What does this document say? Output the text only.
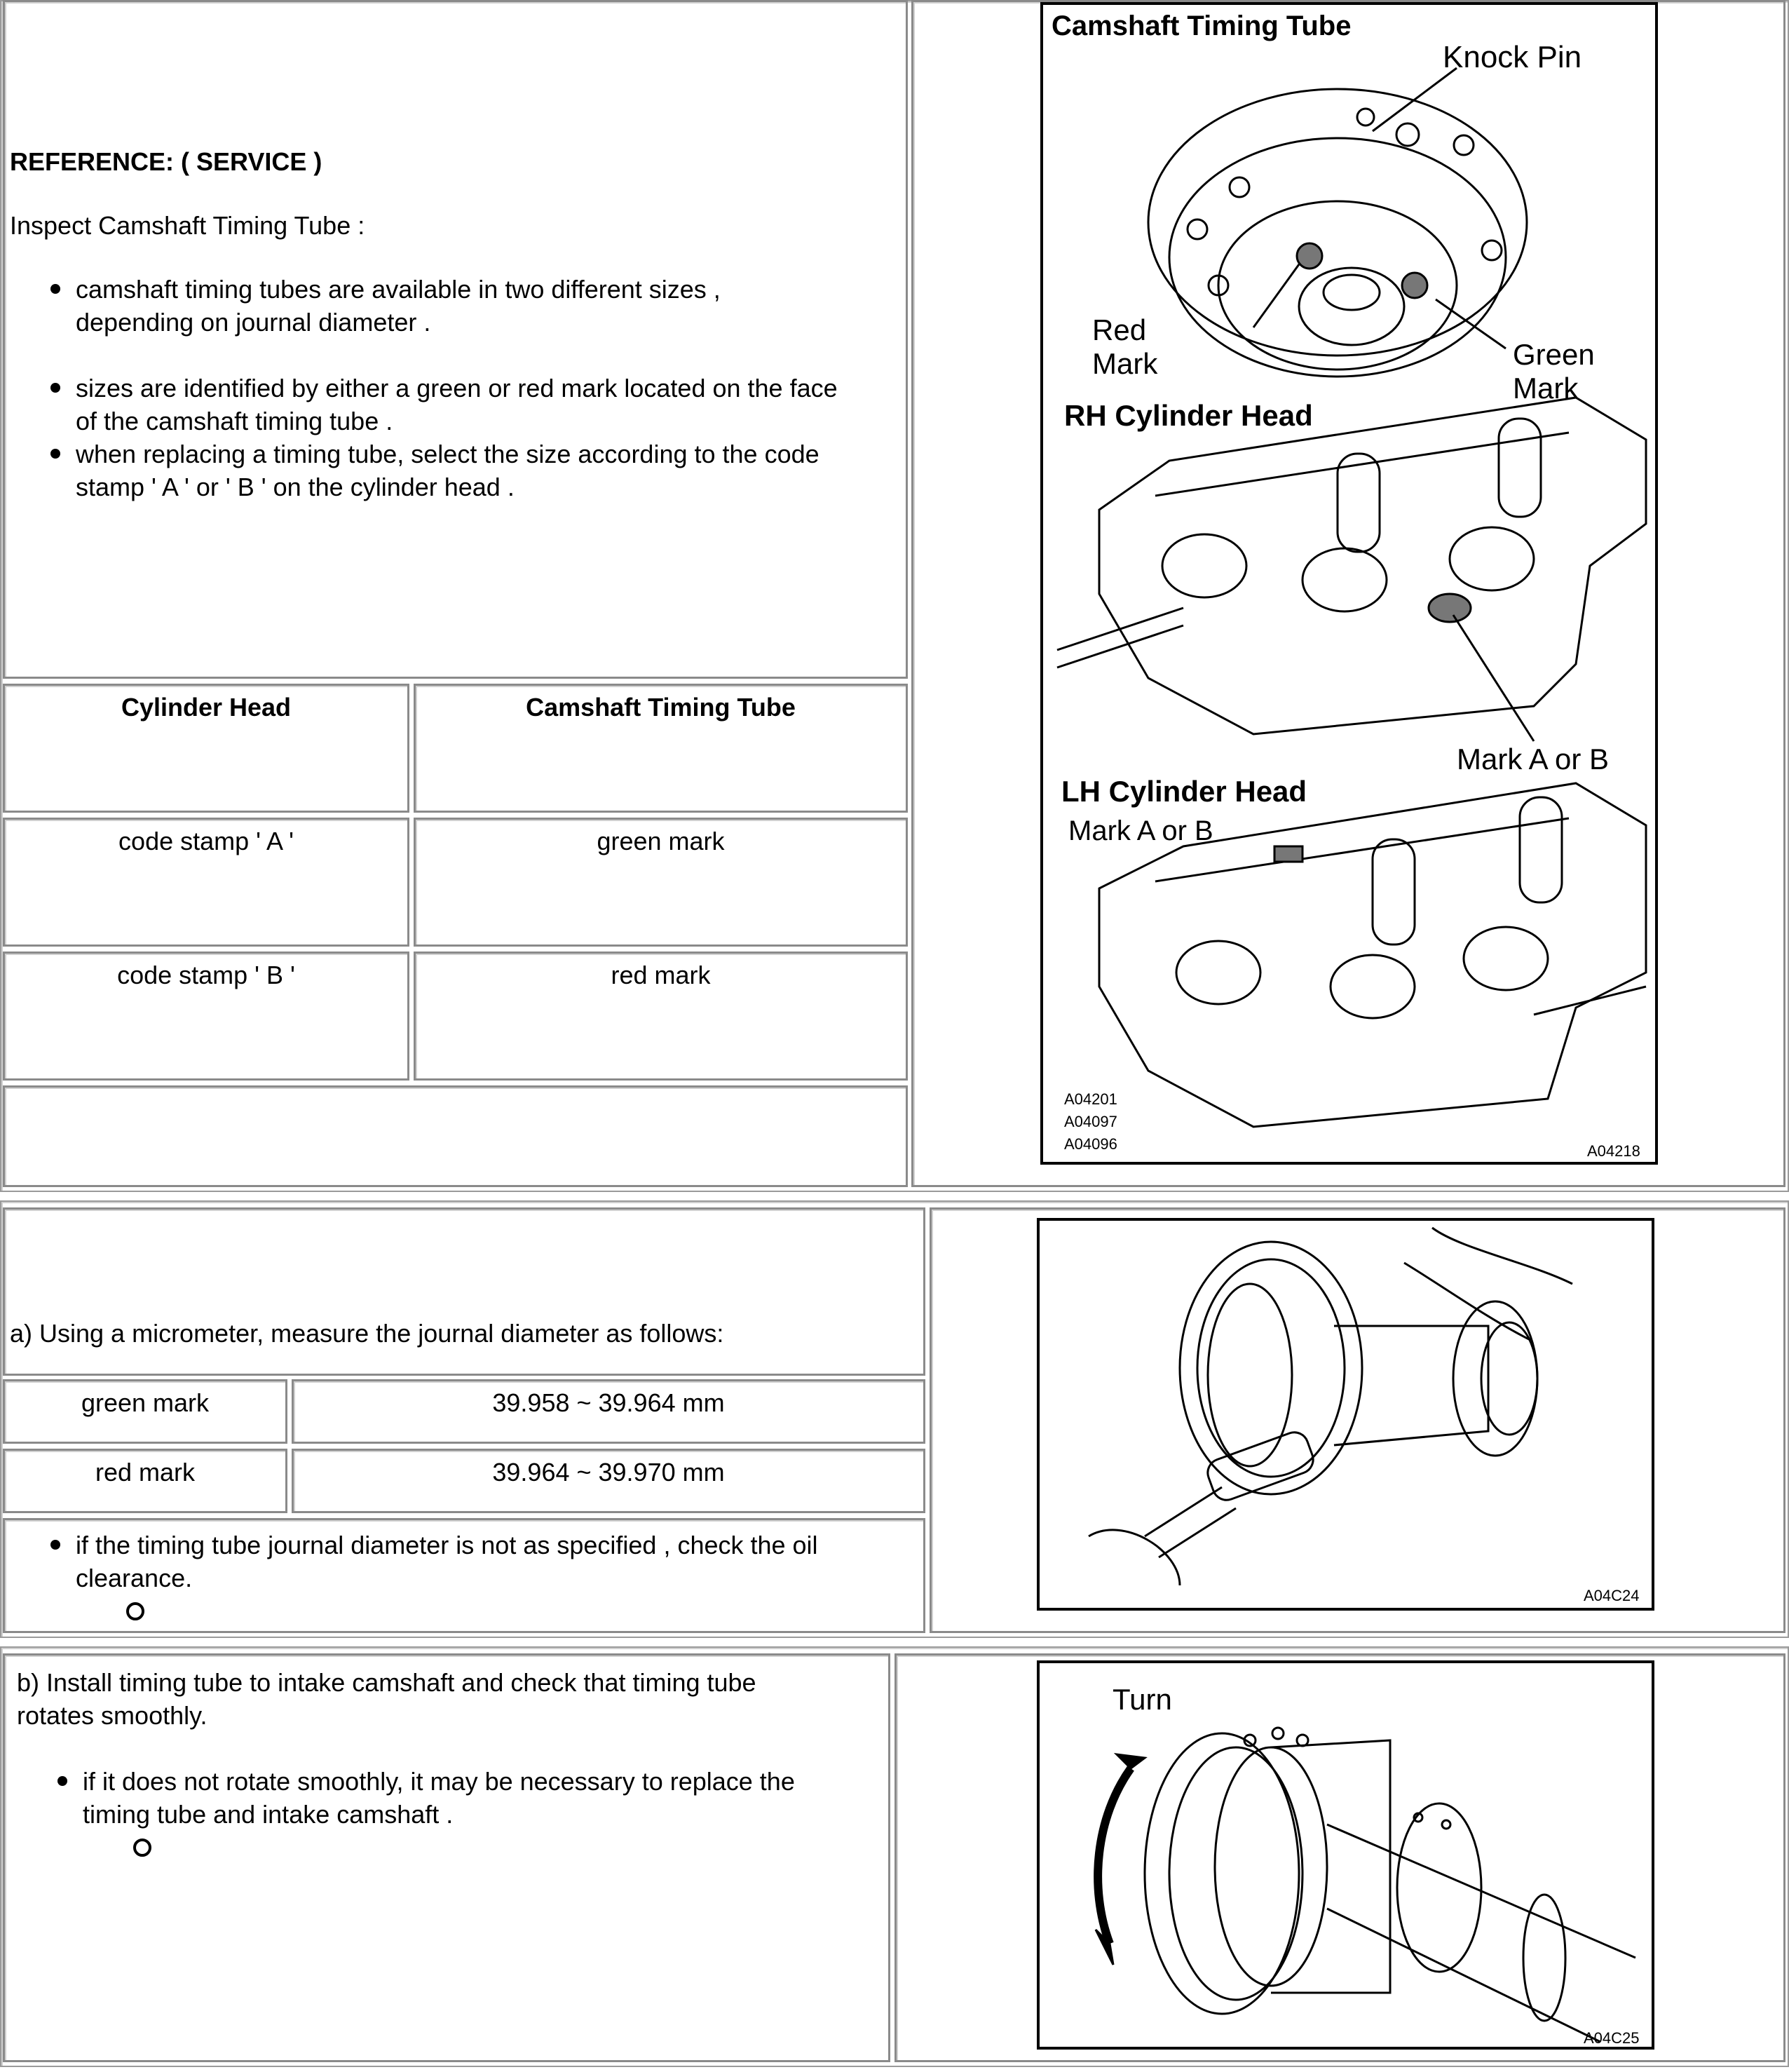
REFERENCE: ( SERVICE )
Inspect Camshaft Timing Tube :
camshaft timing tubes are available in two different sizes ,
depending on journal diameter .
sizes are identified by either a green or red mark located on the face
of the camshaft timing tube .
when replacing a timing tube, select the size according to the code
stamp ' A ' or ' B ' on the cylinder head .
Cylinder Head	Camshaft Timing Tube
code stamp ' A '	green mark
code stamp ' B '	red mark
Camshaft Timing Tube
Knock Pin
Red
Mark	Green
Mark
RH Cylinder Head
Mark A or B
LH Cylinder Head
Mark A or B
A04201
A04097
A04096	A04218
a) Using a micrometer, measure the journal diameter as follows:
green mark	39.958 ~ 39.964 mm
red mark	39.964 ~ 39.970 mm
if the timing tube journal diameter is not as specified , check the oil
clearance.
A04C24
b) Install timing tube to intake camshaft and check that timing tube
rotates smoothly.
if it does not rotate smoothly, it may be necessary to replace the
timing tube and intake camshaft .
Turn
A04C25
